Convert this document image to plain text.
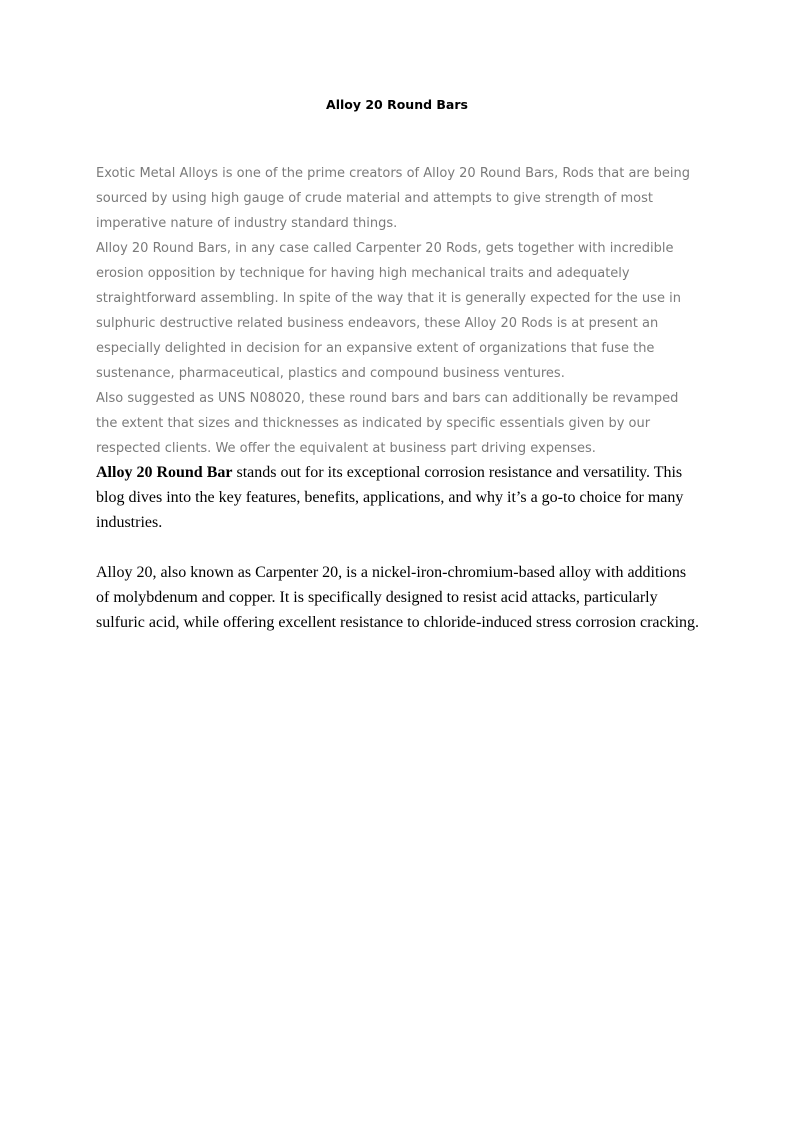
Alloy 20 Round Bars

Exotic Metal Alloys is one of the prime creators of Alloy 20 Round Bars, Rods that are being sourced by using high gauge of crude material and attempts to give strength of most imperative nature of industry standard things.

Alloy 20 Round Bars, in any case called Carpenter 20 Rods, gets together with incredible erosion opposition by technique for having high mechanical traits and adequately straightforward assembling. In spite of the way that it is generally expected for the use in sulphuric destructive related business endeavors, these Alloy 20 Rods is at present an especially delighted in decision for an expansive extent of organizations that fuse the sustenance, pharmaceutical, plastics and compound business ventures.

Also suggested as UNS N08020, these round bars and bars can additionally be revamped the extent that sizes and thicknesses as indicated by specific essentials given by our respected clients. We offer the equivalent at business part driving expenses.

Alloy 20 Round Bar stands out for its exceptional corrosion resistance and versatility. This blog dives into the key features, benefits, applications, and why it’s a go-to choice for many industries.

Alloy 20, also known as Carpenter 20, is a nickel-iron-chromium-based alloy with additions of molybdenum and copper. It is specifically designed to resist acid attacks, particularly sulfuric acid, while offering excellent resistance to chloride-induced stress corrosion cracking.
